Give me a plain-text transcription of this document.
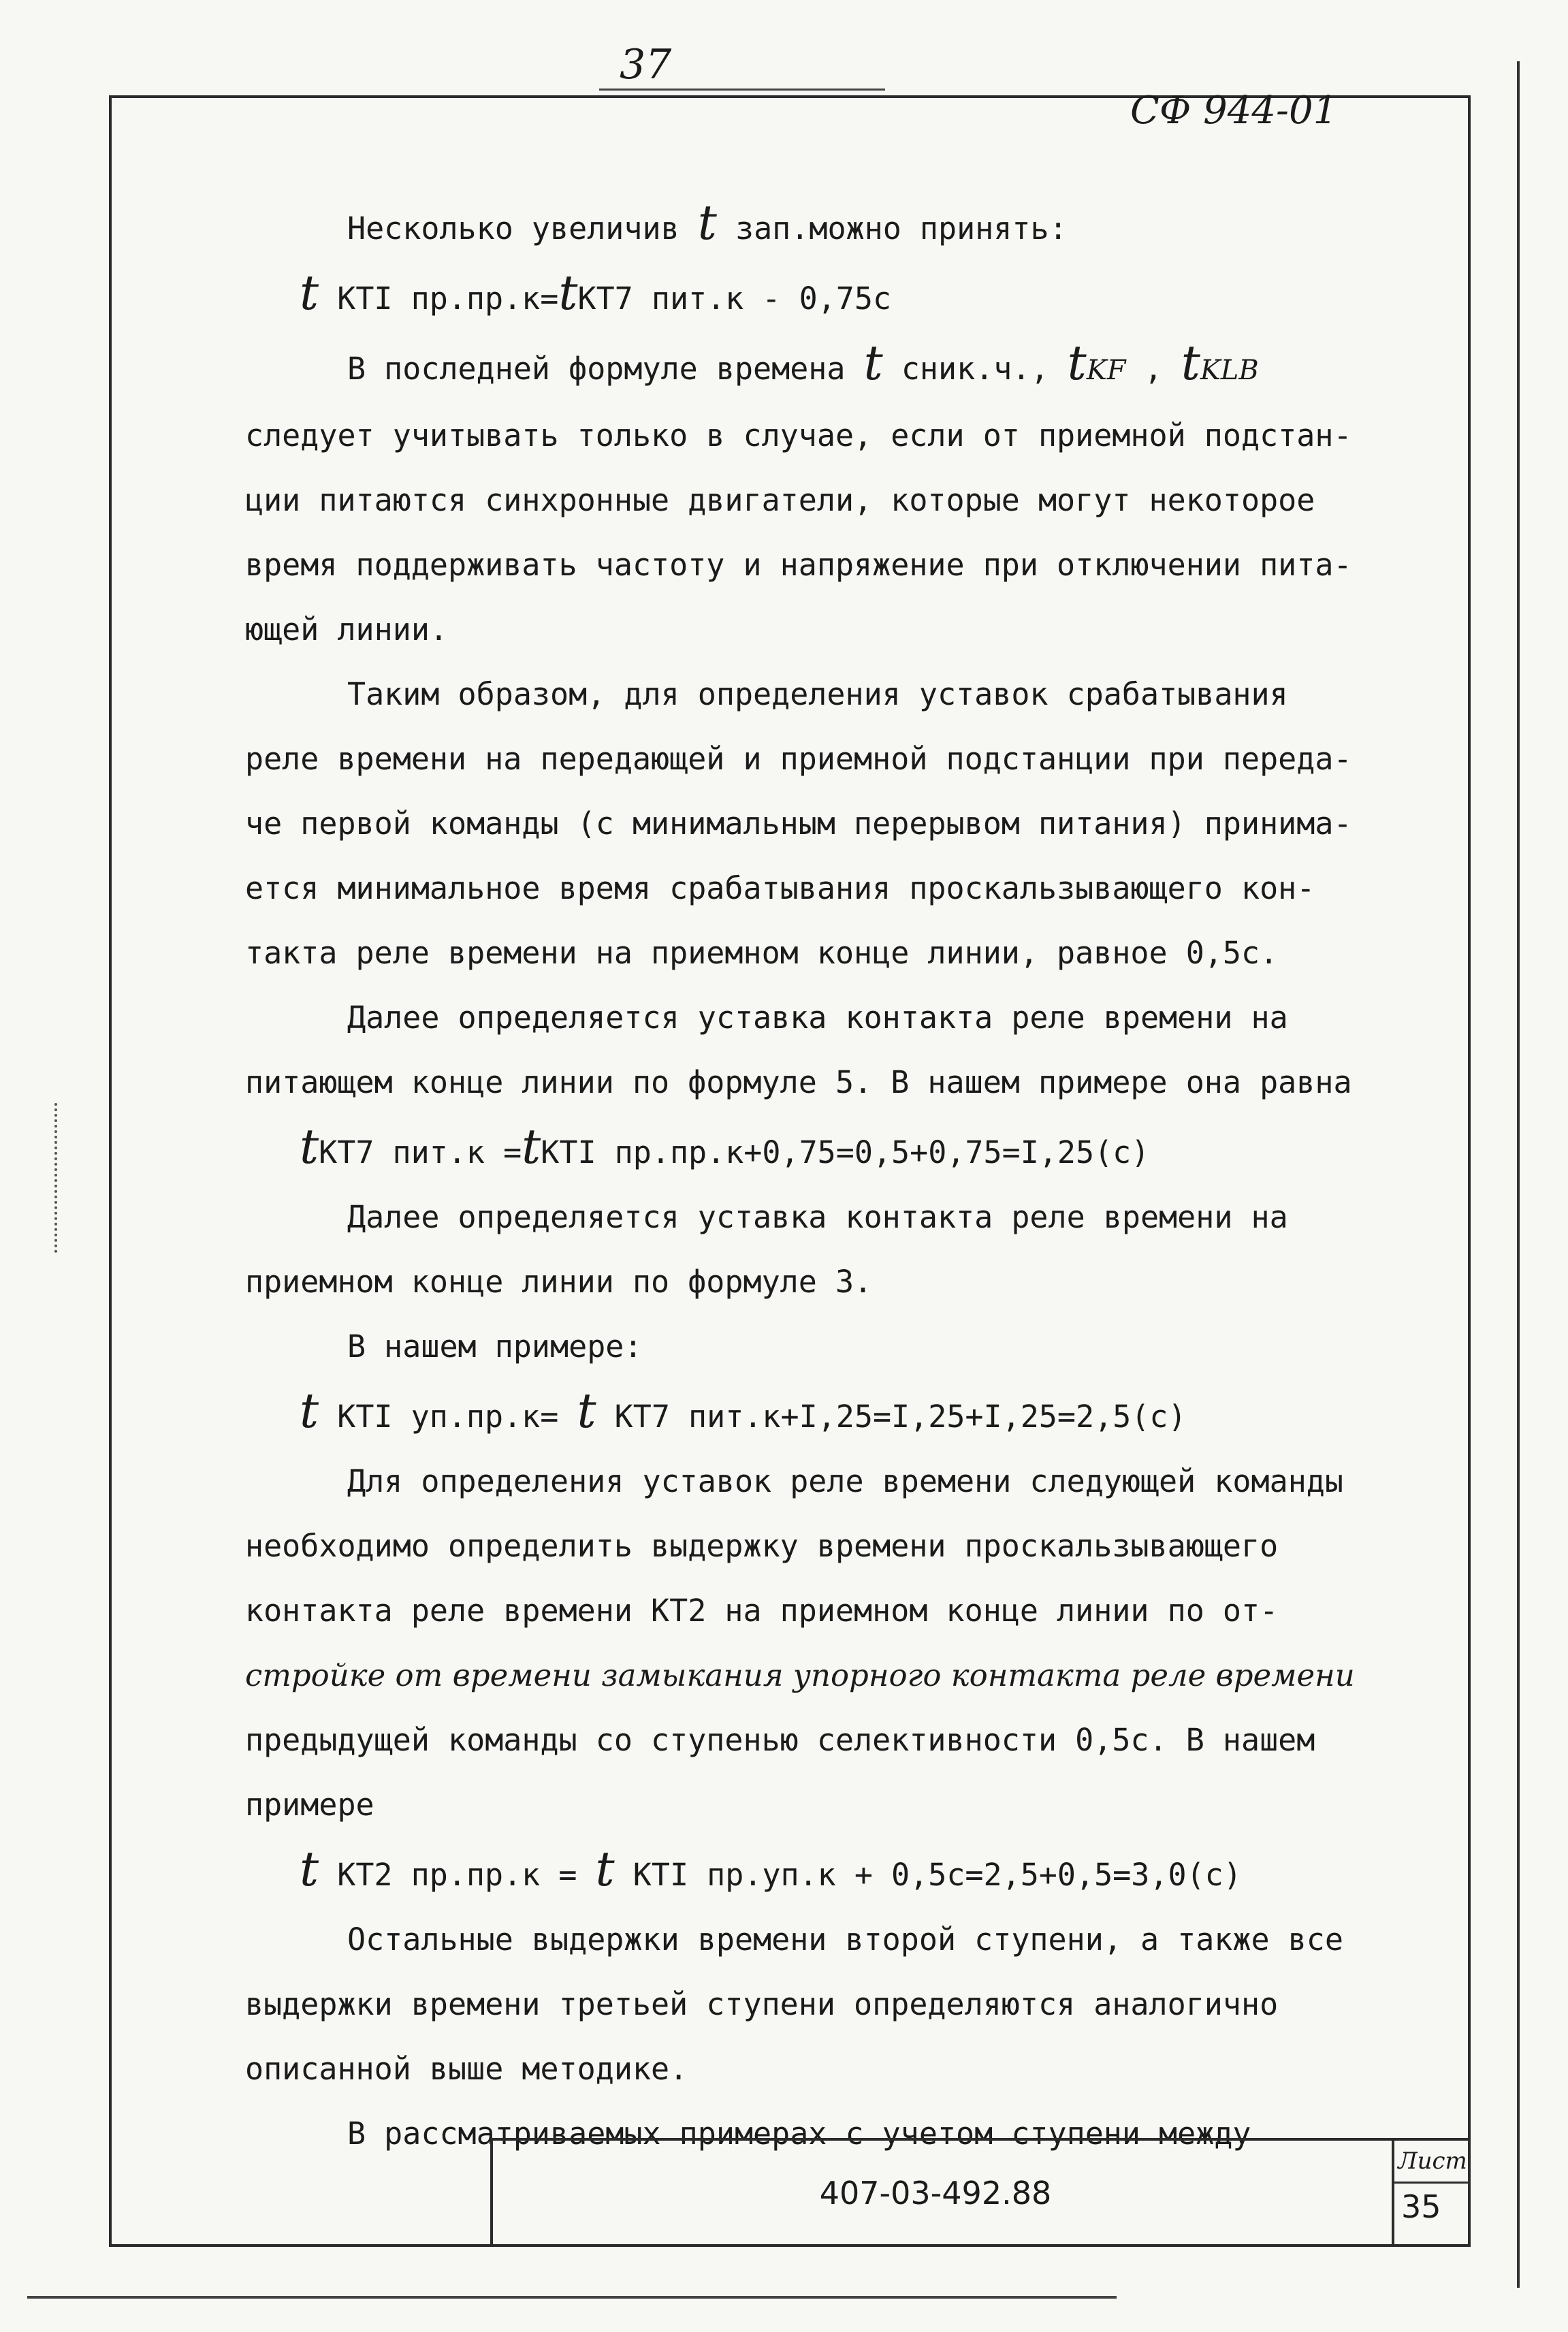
37
СФ 944-01

Несколько увеличив t зап.можно принять:

t КТI пр.пр.к=tКТ7 пит.к - 0,75с

В последней формуле времена t сник.ч., tKF , tKLB

следует учитывать только в случае, если от приемной подстан-

ции питаются синхронные двигатели, которые могут некоторое

время поддерживать частоту и напряжение при отключении пита-

ющей линии.

Таким образом, для определения уставок срабатывания

реле времени на передающей и приемной подстанции при переда-

че первой команды (с минимальным перерывом питания) принима-

ется минимальное время срабатывания проскальзывающего кон-

такта реле времени на приемном конце линии, равное 0,5с.

Далее определяется уставка контакта реле времени на

питающем конце линии по формуле 5. В нашем примере она равна

tКТ7 пит.к =tКТI пр.пр.к+0,75=0,5+0,75=I,25(с)

Далее определяется уставка контакта реле времени на

приемном конце линии по формуле 3.

В нашем примере:

t КТI уп.пр.к= t КТ7 пит.к+I,25=I,25+I,25=2,5(с)

Для определения уставок реле времени следующей команды

необходимо определить выдержку времени проскальзывающего

контакта реле времени КТ2 на приемном конце линии по от-

стройке от времени замыкания упорного контакта реле времени

предыдущей команды со ступенью селективности 0,5с. В нашем

примере

t КТ2 пр.пр.к = t КТI пр.уп.к + 0,5с=2,5+0,5=3,0(с)

Остальные выдержки времени второй ступени, а также все

выдержки времени третьей ступени определяются аналогично

описанной выше методике.

В рассматриваемых примерах с учетом ступени между

407-03-492.88
Лист
35
